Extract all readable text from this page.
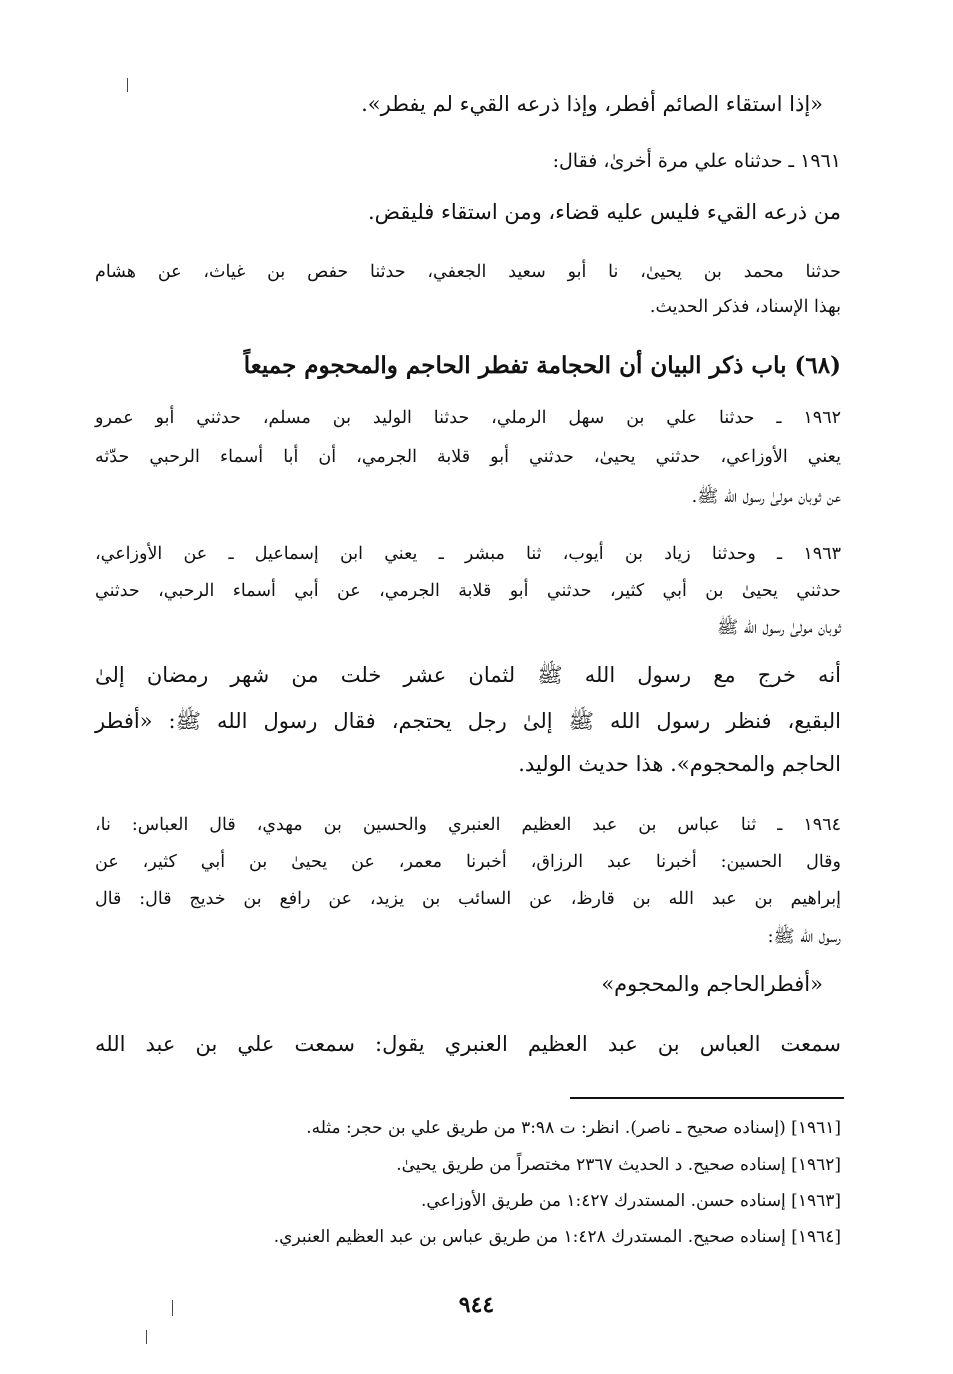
«إذا استقاء الصائم أفطر، وإذا ذرعه القيء لم يفطر».
١٩٦١ ـ حدثناه علي مرة أخرىٰ، فقال:
من ذرعه القيء فليس عليه قضاء، ومن استقاء فليقض.
حدثنا محمد بن يحيىٰ، نا أبو سعيد الجعفي، حدثنا حفص بن غياث، عن هشام
بهذا الإسناد، فذكر الحديث.
(٦٨) باب ذكر البيان أن الحجامة تفطر الحاجم والمحجوم جميعاً
١٩٦٢ ـ حدثنا علي بن سهل الرملي، حدثنا الوليد بن مسلم، حدثني أبو عمرو
يعني الأوزاعي، حدثني يحيىٰ، حدثني أبو قلابة الجرمي، أن أبا أسماء الرحبي حدّثه
عن ثوبان مولىٰ رسول الله ﷺ.
١٩٦٣ ـ وحدثنا زياد بن أيوب، ثنا مبشر ـ يعني ابن إسماعيل ـ عن الأوزاعي،
حدثني يحيىٰ بن أبي كثير، حدثني أبو قلابة الجرمي، عن أبي أسماء الرحبي، حدثني
ثوبان مولىٰ رسول الله ﷺ
أنه خرج مع رسول الله ﷺ لثمان عشر خلت من شهر رمضان إلىٰ
البقيع، فنظر رسول الله ﷺ إلىٰ رجل يحتجم، فقال رسول الله ﷺ: «أفطر
الحاجم والمحجوم». هذا حديث الوليد.
١٩٦٤ ـ ثنا عباس بن عبد العظيم العنبري والحسين بن مهدي، قال العباس: نا،
وقال الحسين: أخبرنا عبد الرزاق، أخبرنا معمر، عن يحيىٰ بن أبي كثير، عن
إبراهيم بن عبد الله بن قارظ، عن السائب بن يزيد، عن رافع بن خديج قال: قال
رسول الله ﷺ:
«أفطرالحاجم والمحجوم»
سمعت العباس بن عبد العظيم العنبري يقول: سمعت علي بن عبد الله
[١٩٦١] (إسناده صحيح ـ ناصر). انظر: ت ٣:٩٨ من طريق علي بن حجر: مثله.
[١٩٦٢] إسناده صحيح. د الحديث ٢٣٦٧ مختصراً من طريق يحيىٰ.
[١٩٦٣] إسناده حسن. المستدرك ١:٤٢٧ من طريق الأوزاعي.
[١٩٦٤] إسناده صحيح. المستدرك ١:٤٢٨ من طريق عباس بن عبد العظيم العنبري.
٩٤٤
